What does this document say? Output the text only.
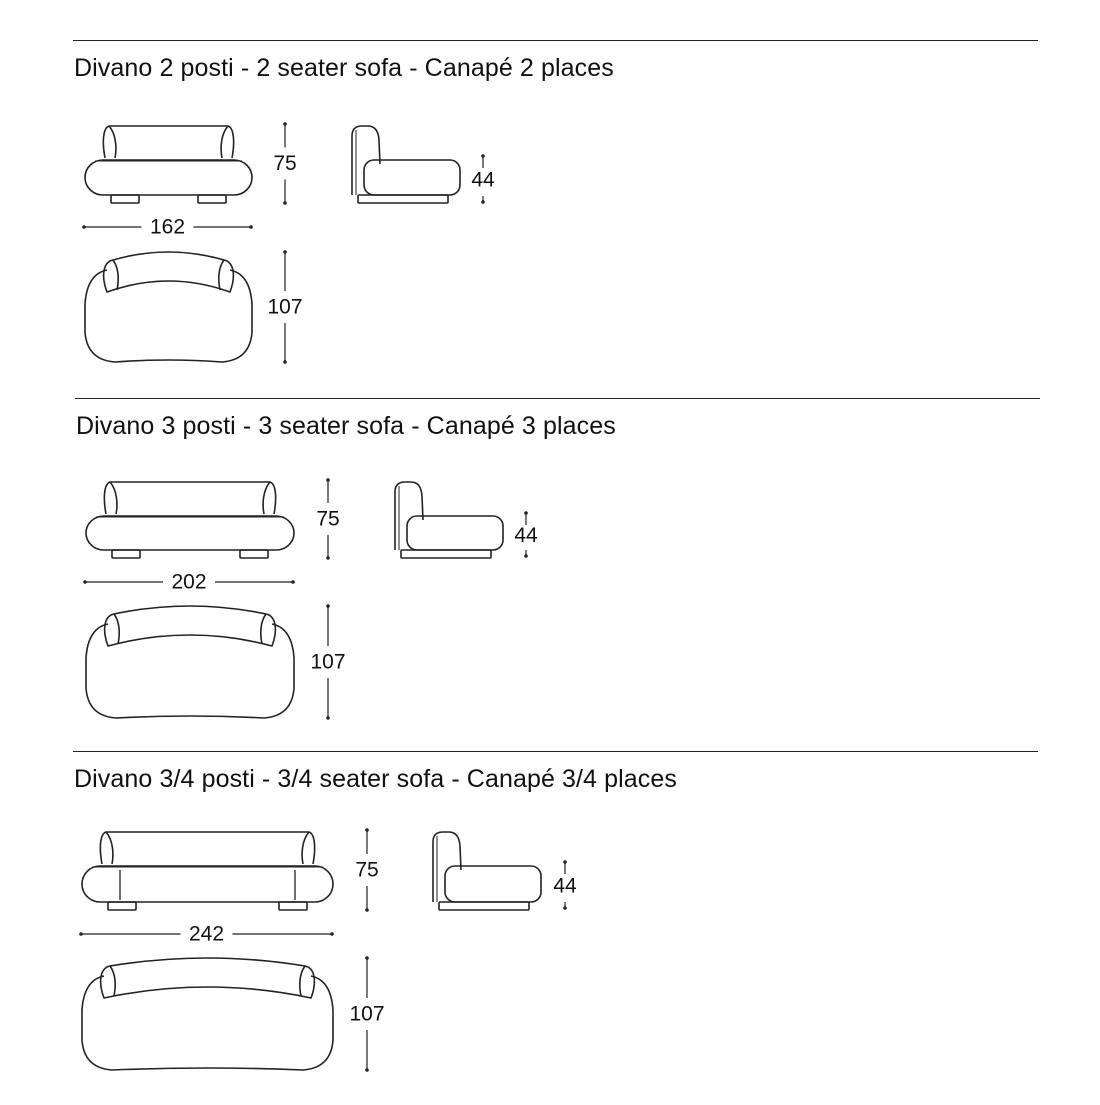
Divano 2 posti - 2 seater sofa - Canapé 2 places
Divano 3 posti - 3 seater sofa - Canapé 3 places
Divano 3/4 posti - 3/4 seater sofa - Canapé 3/4 places
75
44
162
107
75
44
202
107
75
44
242
107
